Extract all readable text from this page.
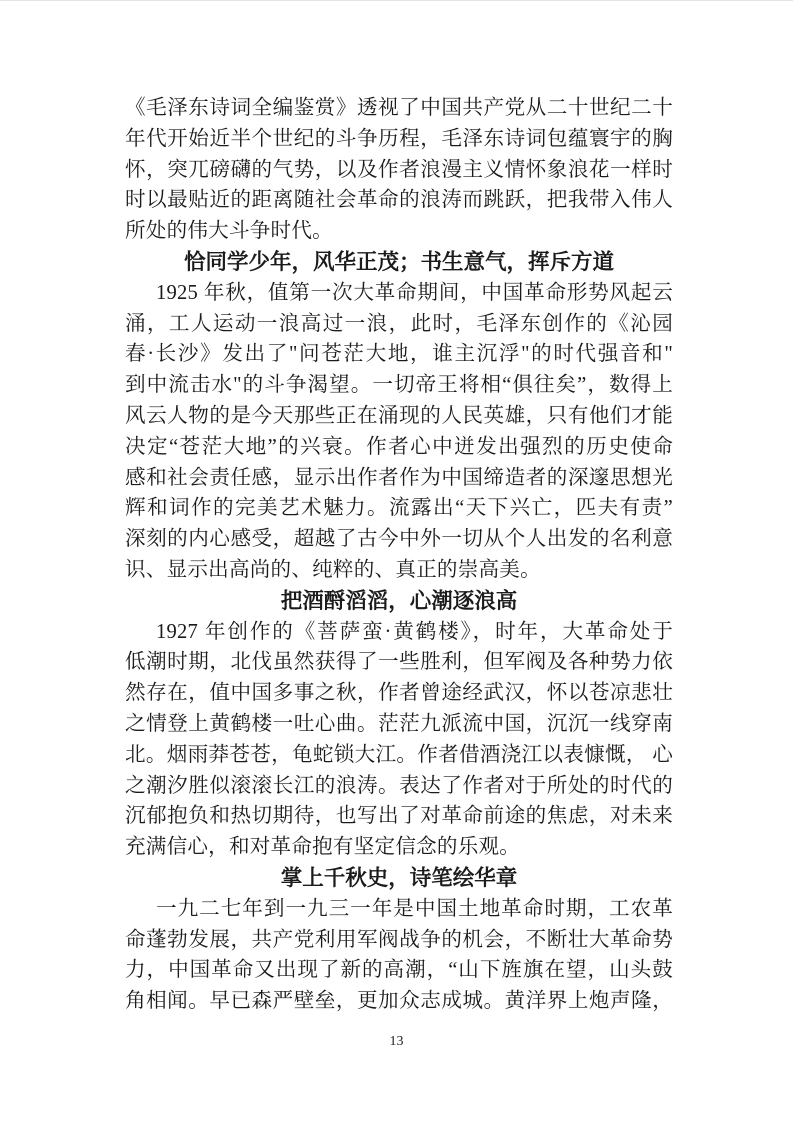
《毛泽东诗词全编鉴赏》透视了中国共产党从二十世纪二十
年代开始近半个世纪的斗争历程，毛泽东诗词包蕴寰宇的胸
怀，突兀磅礴的气势，以及作者浪漫主义情怀象浪花一样时
时以最贴近的距离随社会革命的浪涛而跳跃，把我带入伟人
所处的伟大斗争时代。
恰同学少年，风华正茂；书生意气，挥斥方道
1925 年秋，值第一次大革命期间，中国革命形势风起云
涌，工人运动一浪高过一浪，此时，毛泽东创作的《沁园
春·长沙》发出了"问苍茫大地，谁主沉浮"的时代强音和"
到中流击水"的斗争渴望。一切帝王将相“俱往矣”，数得上
风云人物的是今天那些正在涌现的人民英雄，只有他们才能
决定“苍茫大地”的兴衰。作者心中迸发出强烈的历史使命
感和社会责任感，显示出作者作为中国缔造者的深邃思想光
辉和词作的完美艺术魅力。流露出“天下兴亡，匹夫有责”
深刻的内心感受，超越了古今中外一切从个人出发的名利意
识、显示出高尚的、纯粹的、真正的崇高美。
把酒酹滔滔，心潮逐浪高
1927 年创作的《菩萨蛮·黄鹤楼》，时年，大革命处于
低潮时期，北伐虽然获得了一些胜利，但军阀及各种势力依
然存在，值中国多事之秋，作者曾途经武汉，怀以苍凉悲壮
之情登上黄鹤楼一吐心曲。茫茫九派流中国，沉沉一线穿南
北。烟雨莽苍苍，龟蛇锁大江。作者借酒浇江以表慷慨， 心
之潮汐胜似滚滚长江的浪涛。表达了作者对于所处的时代的
沉郁抱负和热切期待，也写出了对革命前途的焦虑，对未来
充满信心，和对革命抱有坚定信念的乐观。
掌上千秋史，诗笔绘华章
一九二七年到一九三一年是中国土地革命时期，工农革
命蓬勃发展，共产党利用军阀战争的机会，不断壮大革命势
力，中国革命又出现了新的高潮，“山下旌旗在望，山头鼓
角相闻。早已森严壁垒，更加众志成城。黄洋界上炮声隆，
13
